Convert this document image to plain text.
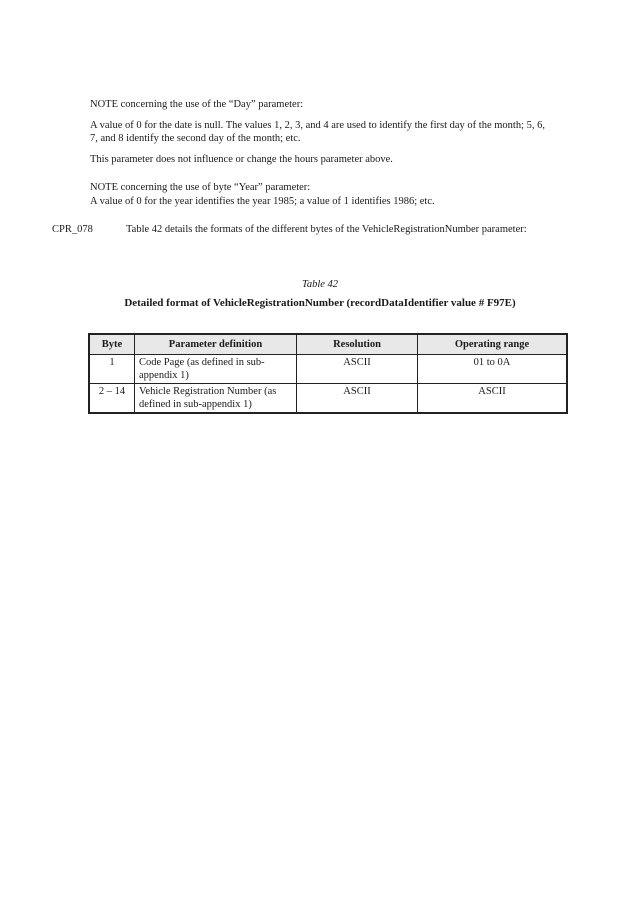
NOTE concerning the use of the “Day” parameter:

A value of 0 for the date is null. The values 1, 2, 3, and 4 are used to identify the first day of the month; 5, 6, 7, and 8 identify the second day of the month; etc.

This parameter does not influence or change the hours parameter above.

NOTE concerning the use of byte “Year” parameter:

A value of 0 for the year identifies the year 1985; a value of 1 identifies 1986; etc.

CPR_078	Table 42 details the formats of the different bytes of the VehicleRegistrationNumber parameter:
Table 42
Detailed format of VehicleRegistrationNumber (recordDataIdentifier value # F97E)
Byte	Parameter definition	Resolution	Operating range
1	Code Page (as defined in sub-appendix 1)	ASCII	01 to 0A
2 – 14	Vehicle Registration Number (as defined in sub-appendix 1)	ASCII	ASCII
